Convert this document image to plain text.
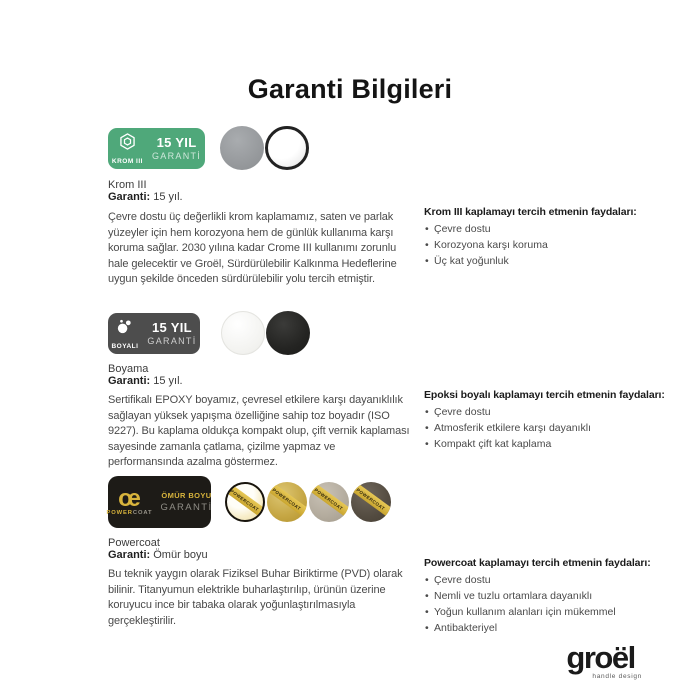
Garanti Bilgileri
KROM III
15 YIL
GARANTİ
Krom III
Garanti: 15 yıl.

Çevre dostu üç değerlikli krom kaplamamız, saten ve parlak yüzeyler için hem korozyona hem de günlük kullanıma karşı koruma sağlar. 2030 yılına kadar Crome III kullanımı zorunlu hale gelecektir ve Groël, Sürdürülebilir Kalkınma Hedeflerine uygun şekilde önceden sürdürülebilir yolu tercih etmiştir.

Krom III kaplamayı tercih etmenin faydaları:
• Çevre dostu
• Korozyona karşı koruma
• Üç kat yoğunluk
BOYALI
15 YIL
GARANTİ
Boyama
Garanti: 15 yıl.

Sertifikalı EPOXY boyamız, çevresel etkilere karşı dayanıklılık sağlayan yüksek yapışma özelliğine sahip toz boyadır (ISO 9227). Bu kaplama oldukça kompakt olup, çift vernik kaplaması sayesinde zamanla çatlama, çizilme yapmaz ve performansında azalma göstermez.

Epoksi boyalı kaplamayı tercih etmenin faydaları:
• Çevre dostu
• Atmosferik etkilere karşı dayanıklı
• Kompakt çift kat kaplama
œ
POWERCOAT
ÖMÜR BOYU
GARANTİ	POWERCOAT	POWERCOAT	POWERCOAT	POWERCOAT
Powercoat
Garanti: Ömür boyu

Bu teknik yaygın olarak Fiziksel Buhar Biriktirme (PVD) olarak bilinir. Titanyumun elektrikle buharlaştırılıp, ürünün üzerine koruyucu ince bir tabaka olarak yoğunlaştırılmasıyla gerçekleştirilir.

Powercoat kaplamayı tercih etmenin faydaları:
• Çevre dostu
• Nemli ve tuzlu ortamlara dayanıklı
• Yoğun kullanım alanları için mükemmel
• Antibakteriyel
groël
handle design
